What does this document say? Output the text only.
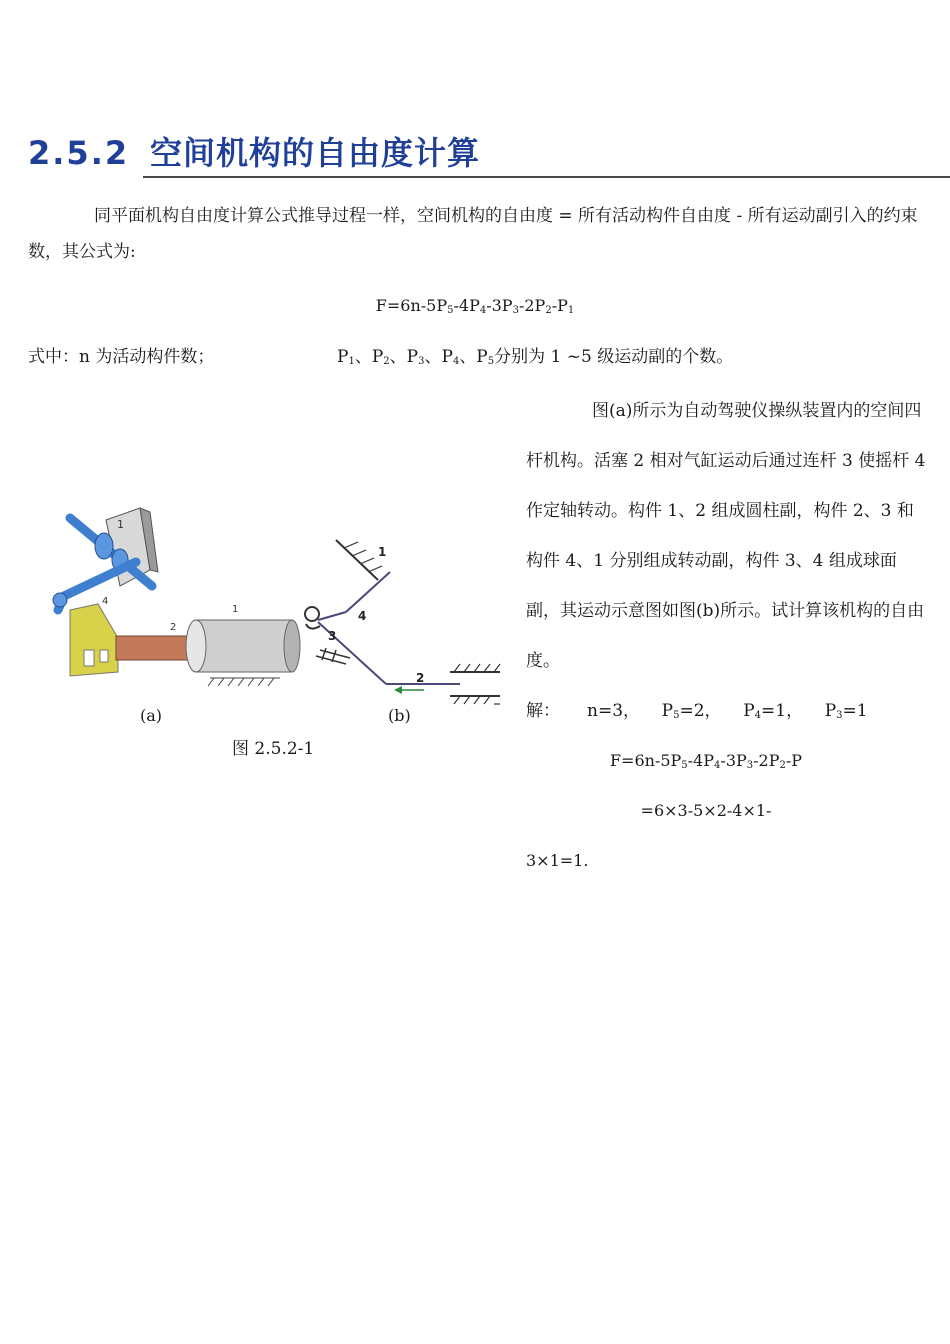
2.5.2 空间机构的自由度计算
同平面机构自由度计算公式推导过程一样，空间机构的自由度 = 所有活动构件自由度 - 所有运动副引入的约束数，其公式为:
$F=6n-5P_5-4P_4-3P_3-2P_2-P_1$
式中：n 为活动构件数；	$P_1$、$P_2$、$P_3$、$P_4$、$P_5$分别为 1 ~5 级运动副的个数。

图(a)所示为自动驾驶仪操纵装置内的空间四杆机构。活塞 2 相对气缸运动后通过连杆 3 使摇杆 4 作定轴转动。构件 1、2 组成圆柱副，构件 2、3 和构件 4、1 分别组成转动副，构件 3、4 组成球面副，其运动示意图如图(b)所示。试计算该机构的自由度。

解： n=3， $P_5=2$， $P_4=1$， $P_3=1$

$F=6n-5P_5-4P_4-3P_3-2P_2-P$

=6×3-5×2-4×1-

3×1=1.

1
4
2
1
1
4
3
2
(a)	(b)
图 2.5.2-1
